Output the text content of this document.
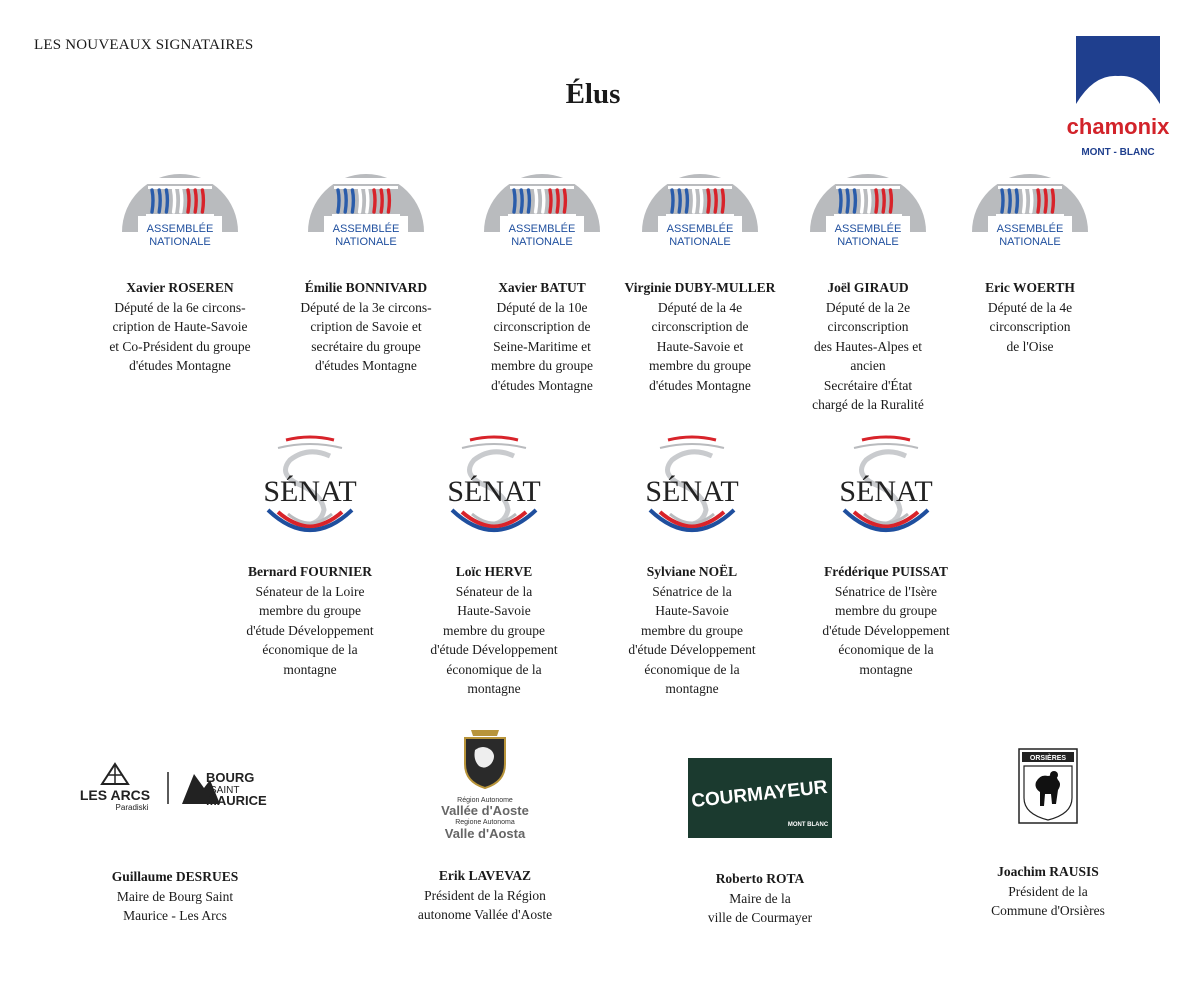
LES NOUVEAUX SIGNATAIRES
Élus
chamonix
MONT - BLANC
ASSEMBLÉE
NATIONALE
Xavier ROSEREN
Député de la 6e circons-
cription de Haute-Savoie
et Co-Président du groupe
d'études Montagne
ASSEMBLÉE
NATIONALE
Émilie BONNIVARD
Député de la 3e circons-
cription de Savoie et
secrétaire du groupe
d'études Montagne
ASSEMBLÉE
NATIONALE
Xavier BATUT
Député de la 10e
circonscription de
Seine-Maritime et
membre du groupe
d'études Montagne
ASSEMBLÉE
NATIONALE
Virginie DUBY-MULLER
Député de la 4e
circonscription de
Haute-Savoie et
membre du groupe
d'études Montagne
ASSEMBLÉE
NATIONALE
Joël GIRAUD
Député de la 2e
circonscription
des Hautes-Alpes et
ancien
Secrétaire d'État
chargé de la Ruralité
ASSEMBLÉE
NATIONALE
Eric WOERTH
Député de la 4e
circonscription
de l'Oise
SÉNAT
Bernard FOURNIER
Sénateur de la Loire
membre du groupe
d'étude Développement
économique de la
montagne
SÉNAT
Loïc HERVE
Sénateur de la
Haute-Savoie
membre du groupe
d'étude Développement
économique de la
montagne
SÉNAT
Sylviane NOËL
Sénatrice de la
Haute-Savoie
membre du groupe
d'étude Développement
économique de la
montagne
SÉNAT
Frédérique PUISSAT
Sénatrice de l'Isère
membre du groupe
d'étude Développement
économique de la
montagne
LES ARCS
Paradiski
BOURG
SAINT
MAURICE
Guillaume DESRUES
Maire de Bourg Saint
Maurice - Les Arcs
Région Autonome
Vallée d'Aoste
Regione Autonoma
Valle d'Aosta
Erik LAVEVAZ
Président de la Région
autonome Vallée d'Aoste
COURMAYEUR
MONT BLANC
Roberto ROTA
Maire de la
ville de Courmayer
ORSIÈRES
Joachim RAUSIS
Président de la
Commune d'Orsières
